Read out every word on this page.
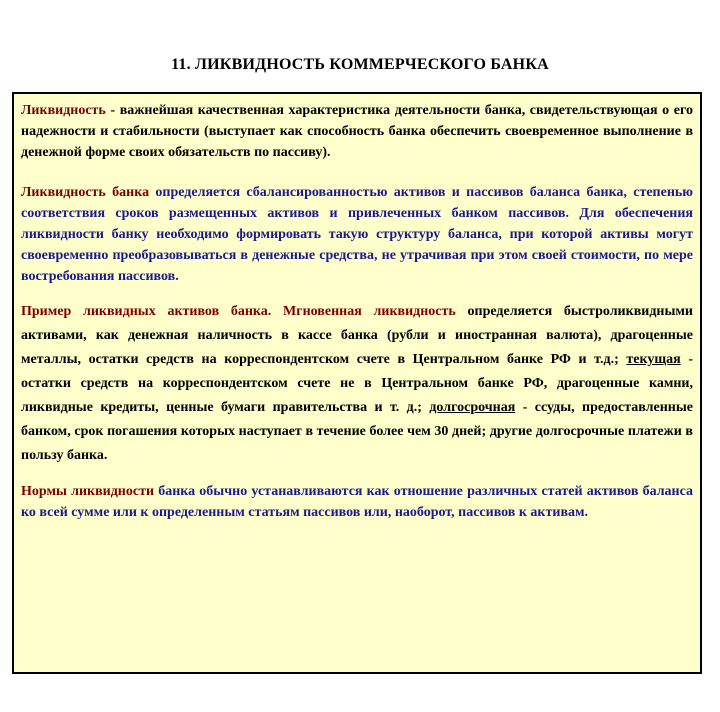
11. ЛИКВИДНОСТЬ КОММЕРЧЕСКОГО БАНКА

Ликвидность - важнейшая качественная характеристика деятельности банка, свидетельствующая о его надежности и стабильности (выступает как способность банка обеспечить своевременное выполнение в денежной форме своих обязательств по пассиву).

Ликвидность банка определяется сбалансированностью активов и пассивов баланса банка, степенью соответствия сроков размещенных активов и привлеченных банком пассивов. Для обеспечения ликвидности банку необходимо формировать такую структуру баланса, при которой активы могут своевременно преобразовываться в денежные средства, не утрачивая при этом своей стоимости, по мере востребования пассивов.

Пример ликвидных активов банка. Мгновенная ликвидность определяется быстроликвидными активами, как денежная наличность в кассе банка (рубли и иностранная валюта), драгоценные металлы, остатки средств на корреспондентском счете в Центральном банке РФ и т.д.; текущая - остатки средств на корреспондентском счете не в Центральном банке РФ, драгоценные камни, ликвидные кредиты, ценные бумаги правительства и т. д.; долгосрочная - ссуды, предоставленные банком, срок погашения которых наступает в течение более чем 30 дней; другие долгосрочные платежи в пользу банка.

Нормы ликвидности банка обычно устанавливаются как отношение различных статей активов баланса ко всей сумме или к определенным статьям пассивов или, наоборот, пассивов к активам.
